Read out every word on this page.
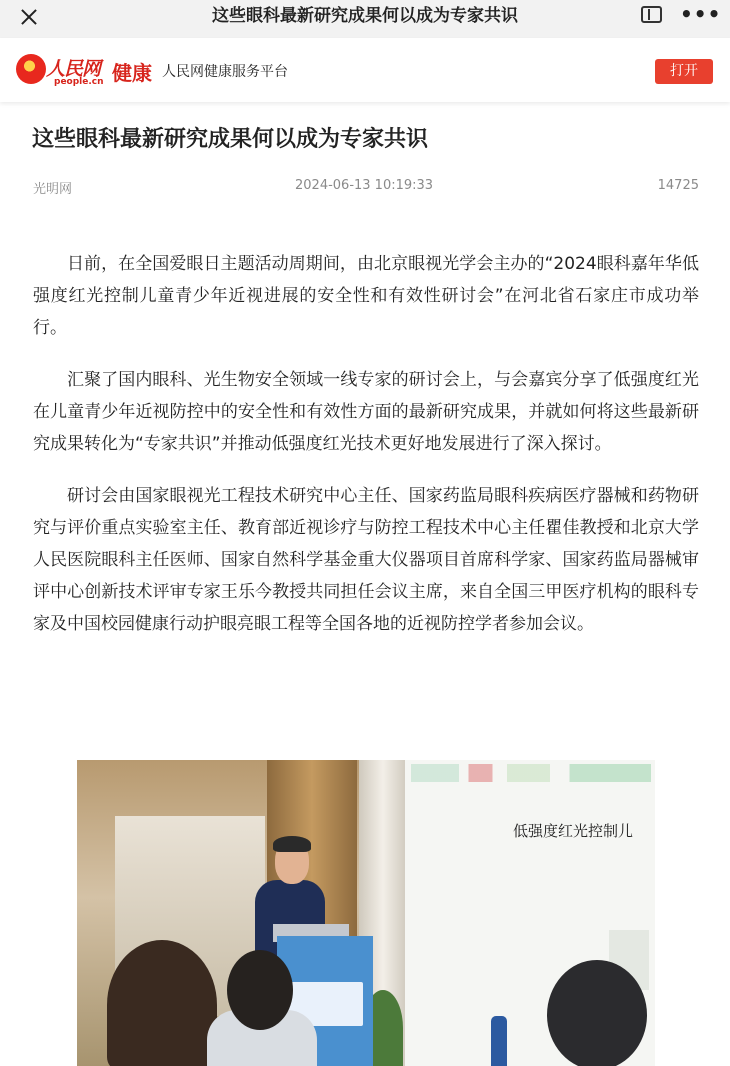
这些眼科最新研究成果何以成为专家共识	•••
人民网
people.cn 健康 人民网健康服务平台	打开
这些眼科最新研究成果何以成为专家共识
光明网	2024-06-13 10:19:33	14725

日前，在全国爱眼日主题活动周期间，由北京眼视光学会主办的“2024眼科嘉年华低强度红光控制儿童青少年近视进展的安全性和有效性研讨会”在河北省石家庄市成功举行。

汇聚了国内眼科、光生物安全领域一线专家的研讨会上，与会嘉宾分享了低强度红光在儿童青少年近视防控中的安全性和有效性方面的最新研究成果，并就如何将这些最新研究成果转化为“专家共识”并推动低强度红光技术更好地发展进行了深入探讨。

研讨会由国家眼视光工程技术研究中心主任、国家药监局眼科疾病医疗器械和药物研究与评价重点实验室主任、教育部近视诊疗与防控工程技术中心主任瞿佳教授和北京大学人民医院眼科主任医师、国家自然科学基金重大仪器项目首席科学家、国家药监局器械审评中心创新技术评审专家王乐今教授共同担任会议主席，来自全国三甲医疗机构的眼科专家及中国校园健康行动护眼亮眼工程等全国各地的近视防控学者参加会议。

低强度红光控制儿
